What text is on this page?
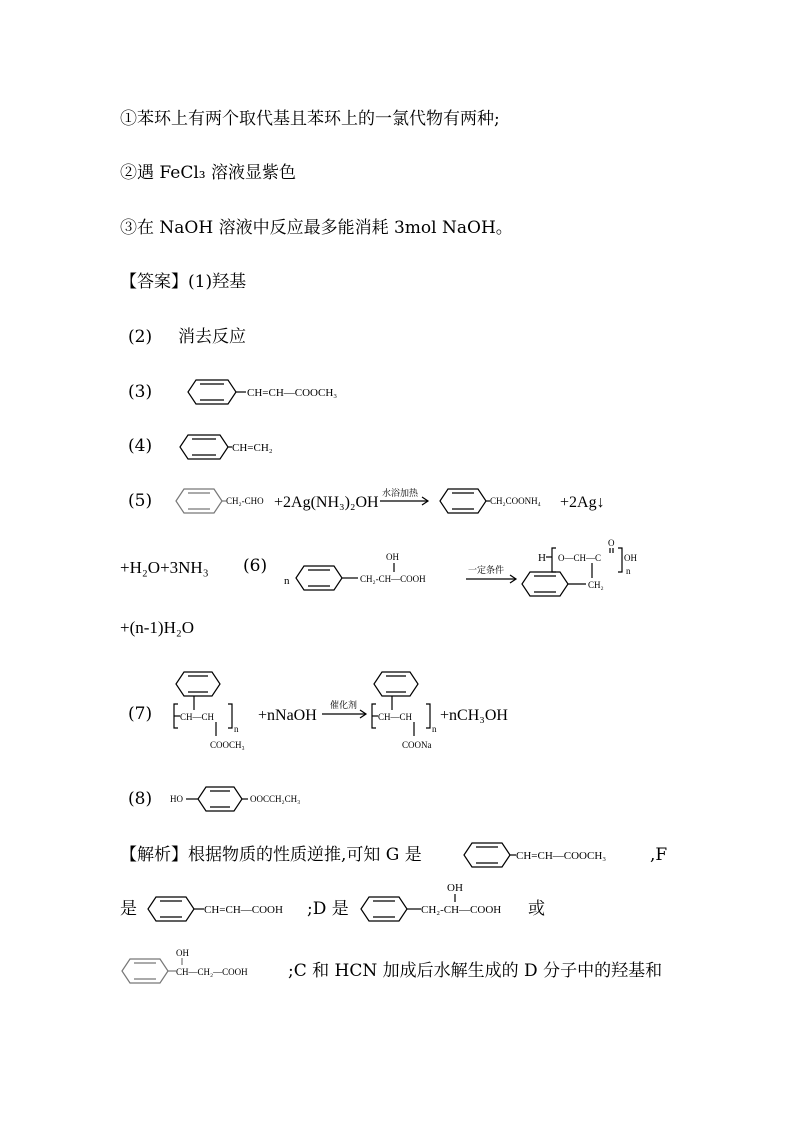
①苯环上有两个取代基且苯环上的一氯代物有两种;
②遇 FeCl₃ 溶液显紫色
③在 NaOH 溶液中反应最多能消耗 3mol NaOH。
【答案】(1)羟基
(2) 消去反应
(3)	CH=CH—COOCH₃
(4)	CH=CH₂
(5)	CH₂-CHO +2Ag(NH₃)₂OH
水浴加热
CH₂COONH₄ +2Ag↓
+H₂O+3NH₃ (6)
n
OH
CH₂-CH—COOH
一定条件
H O—CH—C
O
OH
n
CH₂
+(n-1)H₂O
(7)	CH—CH
n
COOCH₃
+nNaOH
催化剂
CH—CH
n
COONa
+nCH₃OH
(8) HO	OOCCH₂CH₃
【解析】根据物质的性质逆推,可知 G 是	CH=CH—COOCH₃	,F
是	CH=CH—COOH ;D 是
OH
CH₂-CH—COOH 或
OH
CH—CH₂—COOH ;C 和 HCN 加成后水解生成的 D 分子中的羟基和
